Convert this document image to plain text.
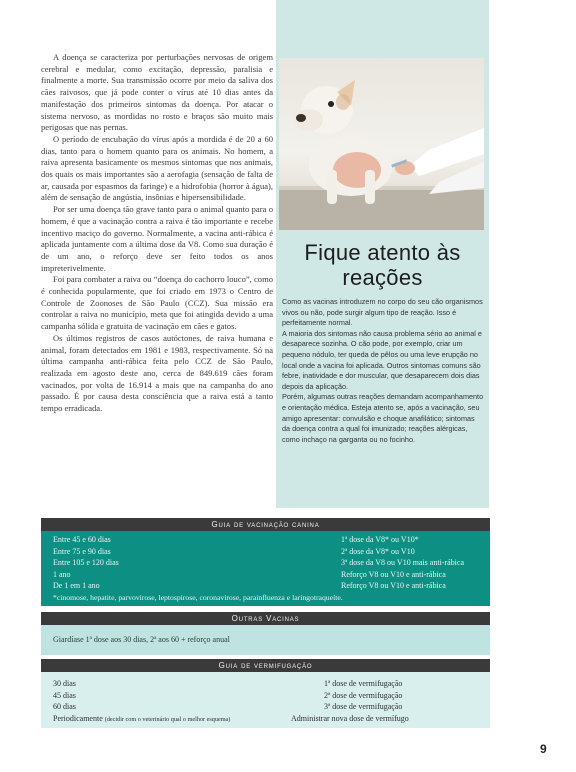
A doença se caracteriza por perturbações nervosas de origem cerebral e medular, como excitação, depressão, paralisia e finalmente a morte. Sua transmissão ocorre por meio da saliva dos cães raivosos, que já pode conter o vírus até 10 dias antes da manifestação dos primeiros sintomas da doença. Por atacar o sistema nervoso, as mordidas no rosto e braços são muito mais perigosas que nas pernas.

O período de encubação do vírus após a mordida é de 20 a 60 dias, tanto para o homem quanto para os animais. No homem, a raiva apresenta basicamente os mesmos sintomas que nos animais, dos quais os mais importantes são a aerofagia (sensação de falta de ar, causada por espasmos da faringe) e a hidrofobia (horror à água), além de sensação de angústia, insônias e hipersensibilidade.

Por ser uma doença tão grave tanto para o animal quanto para o homem, é que a vacinação contra a raiva é tão importante e recebe incentivo maciço do governo. Normalmente, a vacina anti-rábica é aplicada juntamente com a última dose da V8. Como sua duração é de um ano, o reforço deve ser feito todos os anos impreterivelmente.

Foi para combater a raiva ou “doença do cachorro louco”, como é conhecida popularmente, que foi criado em 1973 o Centro de Controle de Zoonoses de São Paulo (CCZ). Sua missão era controlar a raiva no município, meta que foi atingida devido a uma campanha sólida e gratuita de vacinação em cães e gatos.

Os últimos registros de casos autóctones, de raiva humana e animal, foram detectados em 1981 e 1983, respectivamente. Só na última campanha anti-rábica feita pelo CCZ de São Paulo, realizada em agosto deste ano, cerca de 849.619 cães foram vacinados, por volta de 16.914 a mais que na campanha do ano passado. É por causa desta consciência que a raiva está a tanto tempo erradicada.

Fique atento às
reações

Como as vacinas introduzem no corpo do seu cão organismos vivos ou não, pode surgir algum tipo de reação. Isso é perfeitamente normal.

A maioria dos sintomas não causa problema sério ao animal e desaparece sozinha. O cão pode, por exemplo, criar um pequeno nódulo, ter queda de pêlos ou uma leve erupção no local onde a vacina foi aplicada. Outros sintomas comuns são febre, inatividade e dor muscular, que desaparecem dois dias depois da aplicação.

Porém, algumas outras reações demandam acompanhamento e orientação médica. Esteja atento se, após a vacinação, seu amigo apresentar: convulsão e choque anafilático; sintomas da doença contra a qual foi imunizado; reações alérgicas, como inchaço na garganta ou no focinho.

Guia de vacinação canina
Entre 45 e 60 dias	1ª dose da V8* ou V10*
Entre 75 e 90 dias	2ª dose da V8* ou V10
Entre 105 e 120 dias	3ª dose da V8 ou V10 mais anti-rábica
1 ano	Reforço V8 ou V10 e anti-rábica
De 1 em 1 ano	Reforço V8 ou V10 e anti-rábica
*cinomose, hepatite, parvovirose, leptospirose, coronavirose, parainfluenza e laringotraqueíte.
Outras Vacinas
Giardíase 1ª dose aos 30 dias, 2ª aos 60 + reforço anual
Guia de vermifugação
30 dias	1ª dose de vermifugação
45 dias	2ª dose de vermifugação
60 dias	3ª dose de vermifugação
Periodicamente (decidir com o veterinário qual o melhor esquema)	Administrar nova dose de vermífugo
9
